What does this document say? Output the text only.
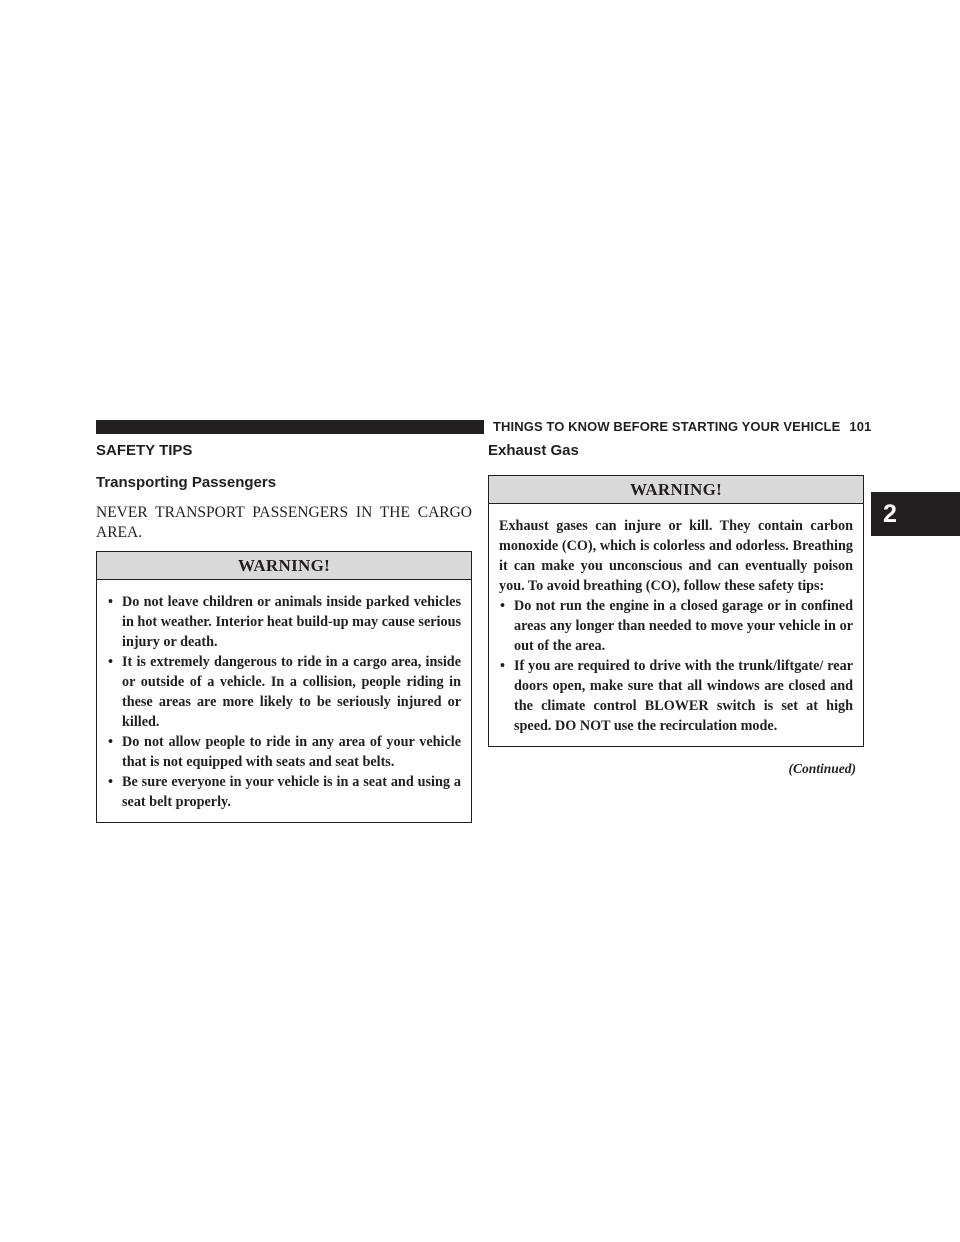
THINGS TO KNOW BEFORE STARTING YOUR VEHICLE 101
2
SAFETY TIPS
Transporting Passengers

NEVER TRANSPORT PASSENGERS IN THE CARGO AREA.

WARNING!
• Do not leave children or animals inside parked vehicles in hot weather. Interior heat build-up may cause serious injury or death.
• It is extremely dangerous to ride in a cargo area, inside or outside of a vehicle. In a collision, people riding in these areas are more likely to be seriously injured or killed.
• Do not allow people to ride in any area of your vehicle that is not equipped with seats and seat belts.
• Be sure everyone in your vehicle is in a seat and using a seat belt properly.
Exhaust Gas
WARNING!

Exhaust gases can injure or kill. They contain carbon monoxide (CO), which is colorless and odorless. Breathing it can make you unconscious and can eventually poison you. To avoid breathing (CO), follow these safety tips:

• Do not run the engine in a closed garage or in confined areas any longer than needed to move your vehicle in or out of the area.
• If you are required to drive with the trunk/liftgate/ rear doors open, make sure that all windows are closed and the climate control BLOWER switch is set at high speed. DO NOT use the recirculation mode.
(Continued)
